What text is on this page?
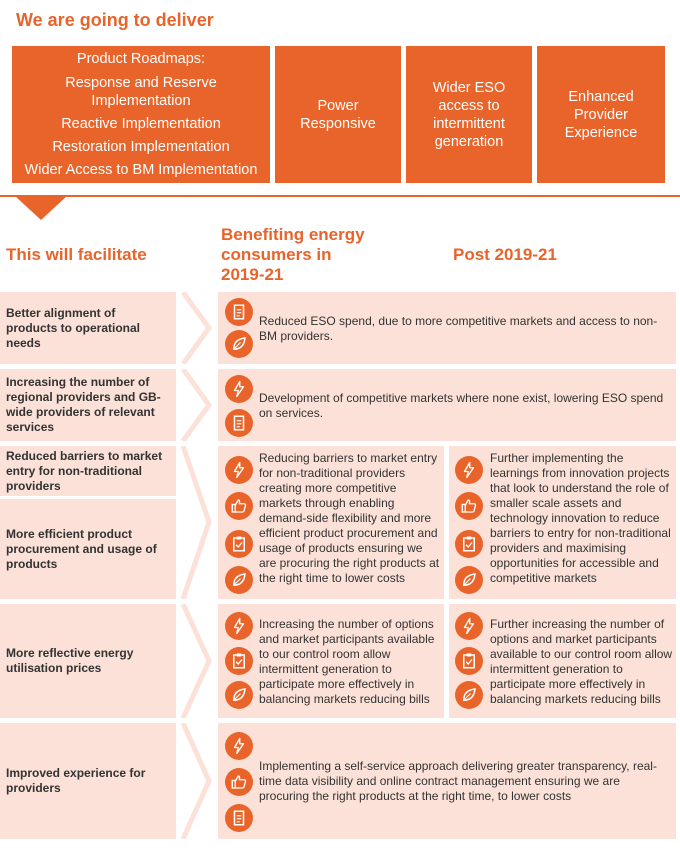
We are going to deliver
Product Roadmaps:
Response and Reserve
Implementation
Reactive Implementation
Restoration Implementation
Wider Access to BM Implementation
Power
Responsive
Wider ESO
access to
intermittent
generation
Enhanced
Provider
Experience
This will facilitate
Benefiting energy
consumers in
2019-21
Post 2019-21
Better alignment of products to operational needs
Increasing the number of regional providers and GB-wide providers of relevant services
Reduced barriers to market entry for non-traditional providers
More efficient product procurement and usage of products
More reflective energy utilisation prices
Improved experience for providers
Reduced ESO spend, due to more competitive markets and access to non-BM providers.
Development of competitive markets where none exist, lowering ESO spend on services.
Reducing barriers to market entry for non-traditional providers creating more competitive markets through enabling demand-side flexibility and more efficient product procurement and usage of products ensuring we are procuring the right products at the right time to lower costs
Further implementing the learnings from innovation projects that look to understand the role of smaller scale assets and technology innovation to reduce barriers to entry for non-traditional providers and maximising opportunities for accessible and competitive markets
Increasing the number of options and market participants available to our control room allow intermittent generation to participate more effectively in balancing markets reducing bills
Further increasing the number of options and market participants available to our control room allow intermittent generation to participate more effectively in balancing markets reducing bills
Implementing a self-service approach delivering greater transparency, real-time data visibility and online contract management ensuring we are procuring the right products at the right time, to lower costs
